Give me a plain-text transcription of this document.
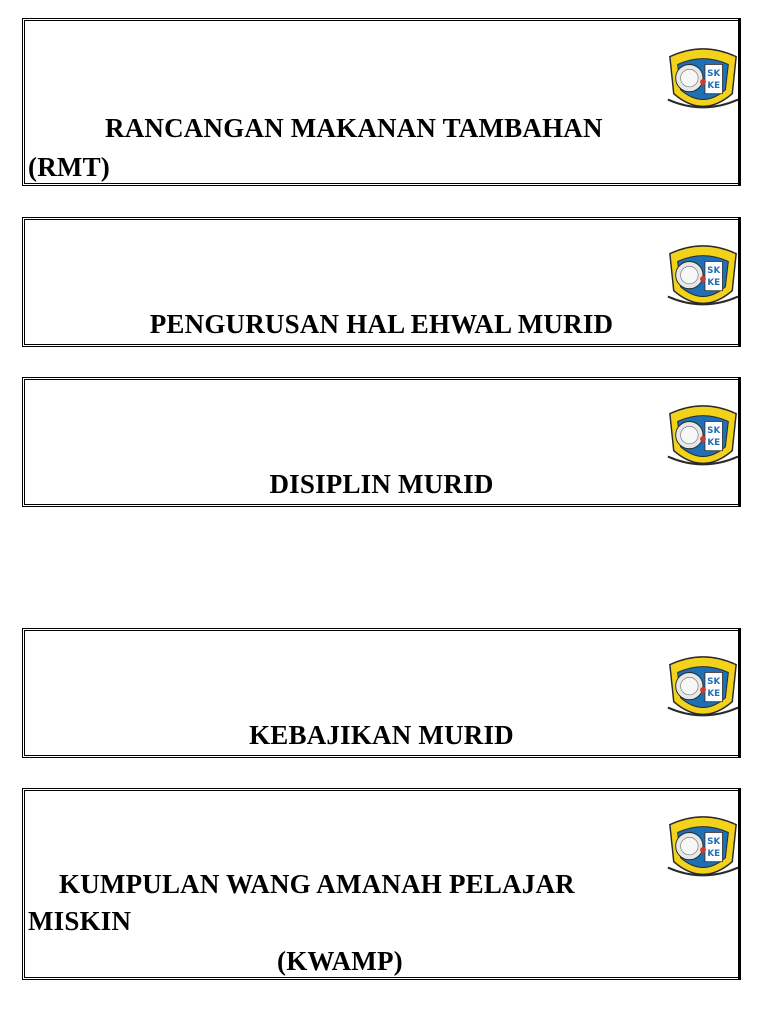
SK
KE
RANCANGAN MAKANAN TAMBAHAN
(RMT)
SK
KE
PENGURUSAN HAL EHWAL MURID
SK
KE
DISIPLIN MURID
SK
KE
KEBAJIKAN MURID
SK
KE
KUMPULAN WANG AMANAH PELAJAR
MISKIN
(KWAMP)
